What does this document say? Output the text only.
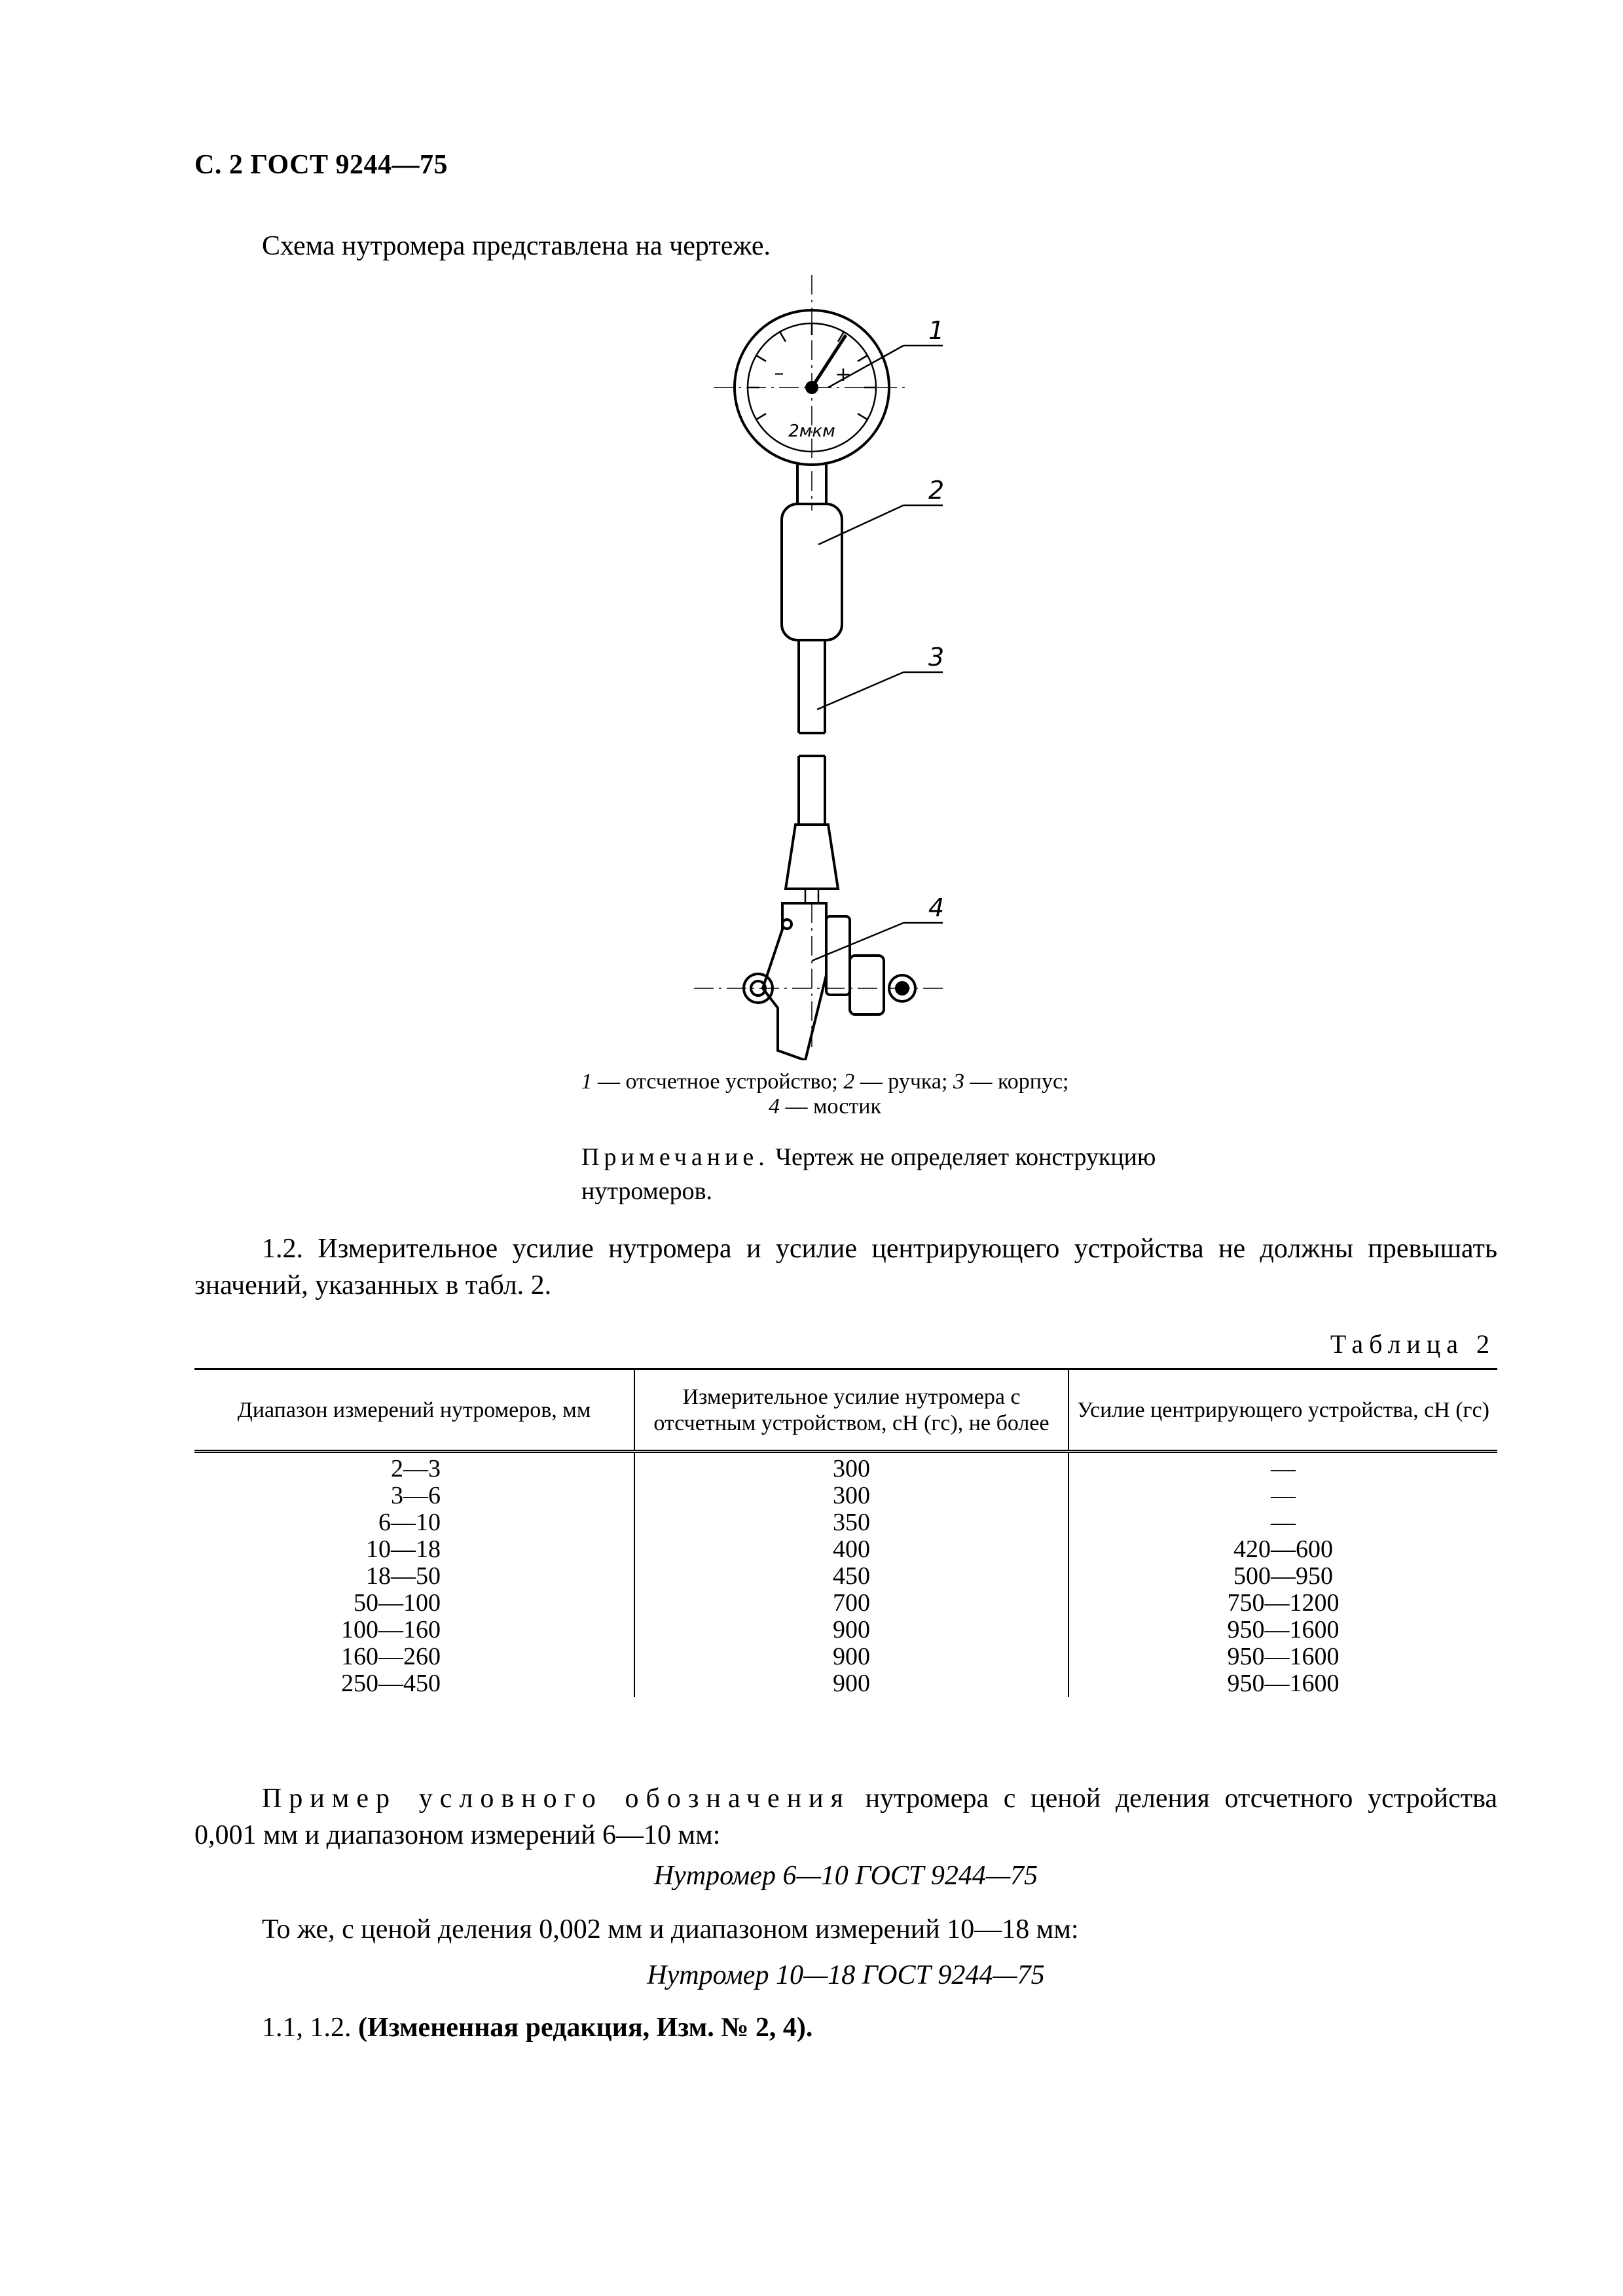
С. 2 ГОСТ 9244—75
Схема нутромера представлена на чертеже.
–	+
2мкм
1
2
3
4
1 — отсчетное устройство; 2 — ручка; 3 — корпус;
4 — мостик
Примечание. Чертеж не определяет конструкцию нутромеров.
1.2. Измерительное усилие нутромера и усилие центрирующего устройства не должны превышать значений, указанных в табл. 2.
Таблица 2
Диапазон измерений нутромеров, мм	Измерительное усилие нутромера с отсчетным устройством, сН (гс), не более	Усилие центрирующего устройства, сН (гс)
2—3	300	—
3—6	300	—
6—10	350	—
10—18	400	420—600
18—50	450	500—950
50—100	700	750—1200
100—160	900	950—1600
160—260	900	950—1600
250—450	900	950—1600
Пример условного обозначения нутромера с ценой деления отсчетного устройства 0,001 мм и диапазоном измерений 6—10 мм:
Нутромер 6—10 ГОСТ 9244—75
То же, с ценой деления 0,002 мм и диапазоном измерений 10—18 мм:
Нутромер 10—18 ГОСТ 9244—75
1.1, 1.2. (Измененная редакция, Изм. № 2, 4).
